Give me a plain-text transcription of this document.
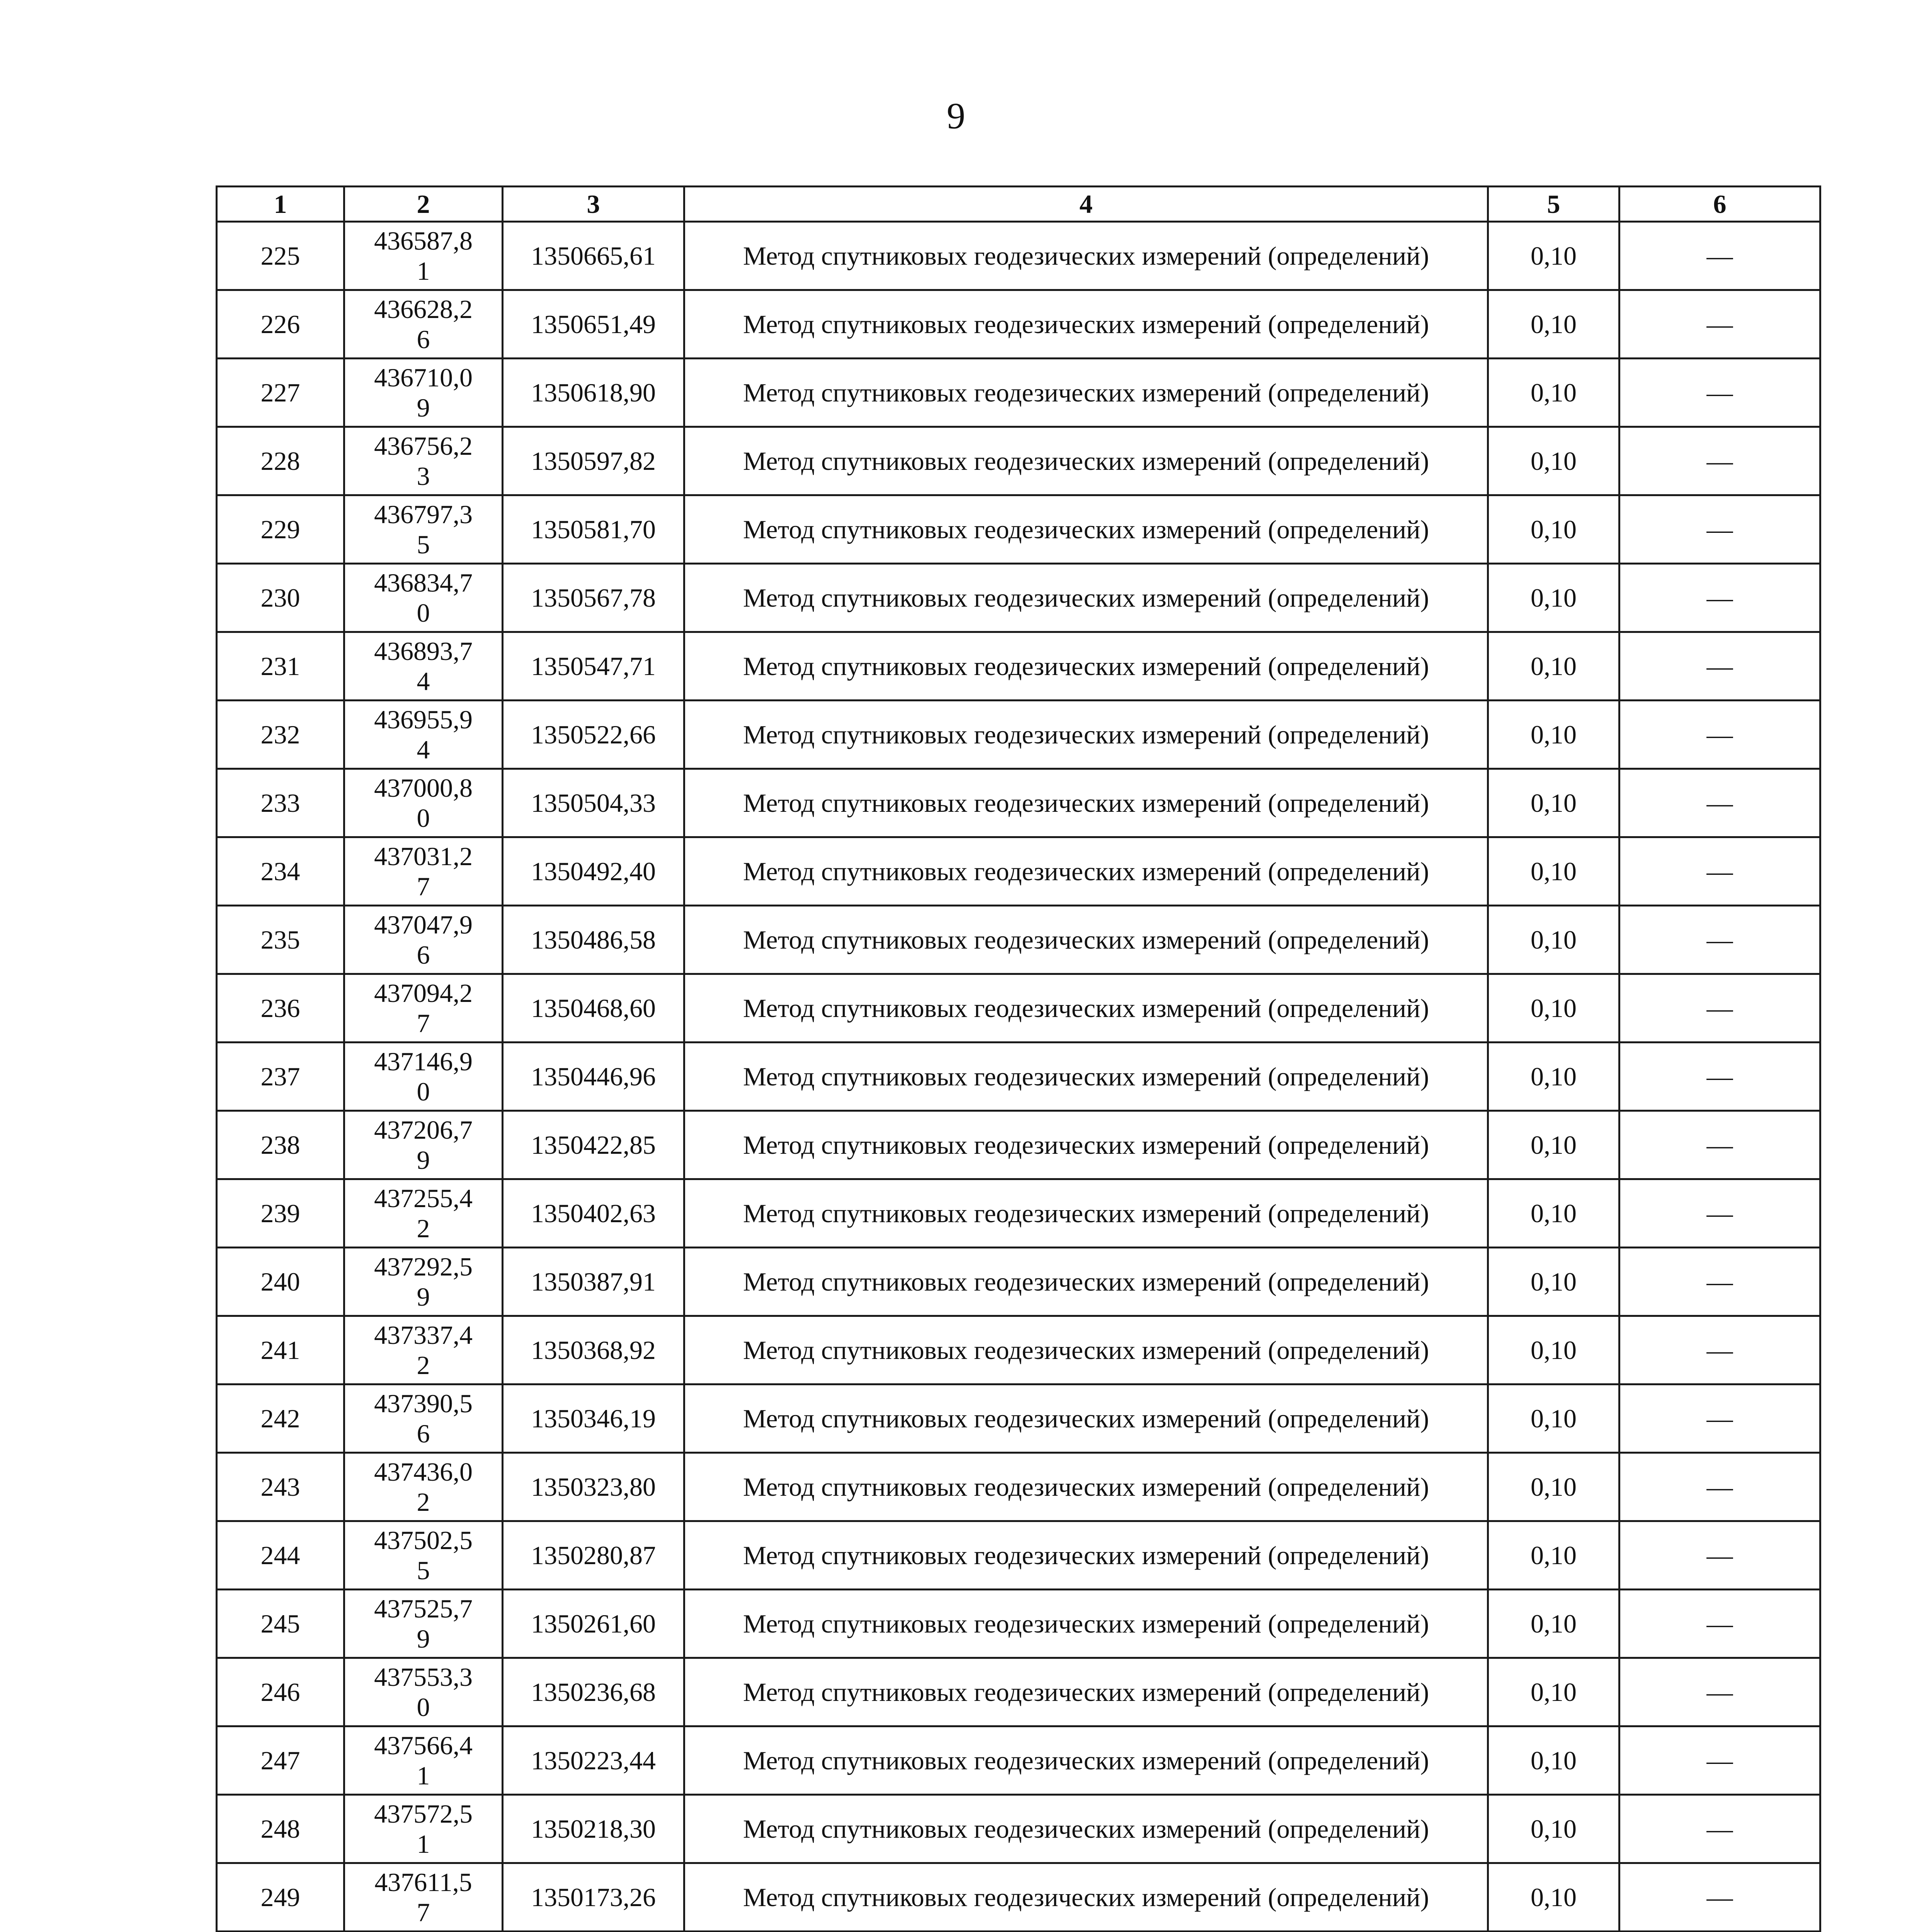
9
1	2	3	4	5	6
225	436587,81	1350665,61	Метод спутниковых геодезических измерений (определений)	0,10	—
226	436628,26	1350651,49	Метод спутниковых геодезических измерений (определений)	0,10	—
227	436710,09	1350618,90	Метод спутниковых геодезических измерений (определений)	0,10	—
228	436756,23	1350597,82	Метод спутниковых геодезических измерений (определений)	0,10	—
229	436797,35	1350581,70	Метод спутниковых геодезических измерений (определений)	0,10	—
230	436834,70	1350567,78	Метод спутниковых геодезических измерений (определений)	0,10	—
231	436893,74	1350547,71	Метод спутниковых геодезических измерений (определений)	0,10	—
232	436955,94	1350522,66	Метод спутниковых геодезических измерений (определений)	0,10	—
233	437000,80	1350504,33	Метод спутниковых геодезических измерений (определений)	0,10	—
234	437031,27	1350492,40	Метод спутниковых геодезических измерений (определений)	0,10	—
235	437047,96	1350486,58	Метод спутниковых геодезических измерений (определений)	0,10	—
236	437094,27	1350468,60	Метод спутниковых геодезических измерений (определений)	0,10	—
237	437146,90	1350446,96	Метод спутниковых геодезических измерений (определений)	0,10	—
238	437206,79	1350422,85	Метод спутниковых геодезических измерений (определений)	0,10	—
239	437255,42	1350402,63	Метод спутниковых геодезических измерений (определений)	0,10	—
240	437292,59	1350387,91	Метод спутниковых геодезических измерений (определений)	0,10	—
241	437337,42	1350368,92	Метод спутниковых геодезических измерений (определений)	0,10	—
242	437390,56	1350346,19	Метод спутниковых геодезических измерений (определений)	0,10	—
243	437436,02	1350323,80	Метод спутниковых геодезических измерений (определений)	0,10	—
244	437502,55	1350280,87	Метод спутниковых геодезических измерений (определений)	0,10	—
245	437525,79	1350261,60	Метод спутниковых геодезических измерений (определений)	0,10	—
246	437553,30	1350236,68	Метод спутниковых геодезических измерений (определений)	0,10	—
247	437566,41	1350223,44	Метод спутниковых геодезических измерений (определений)	0,10	—
248	437572,51	1350218,30	Метод спутниковых геодезических измерений (определений)	0,10	—
249	437611,57	1350173,26	Метод спутниковых геодезических измерений (определений)	0,10	—
